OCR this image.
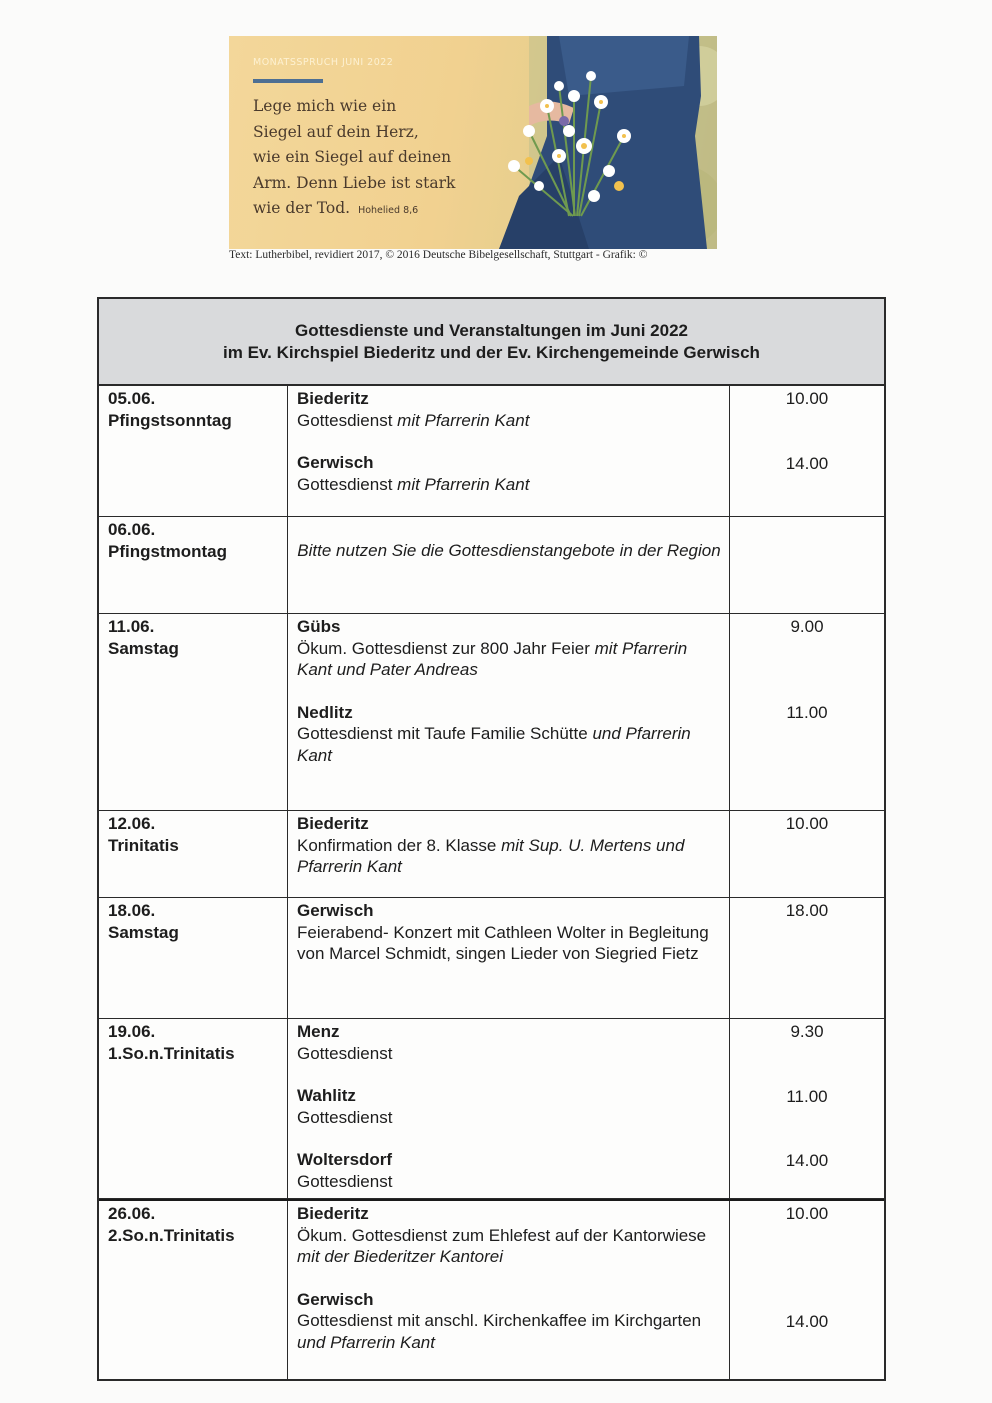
MONATSSPRUCH JUNI 2022
Lege mich wie ein
Siegel auf dein Herz,
wie ein Siegel auf deinen
Arm. Denn Liebe ist stark
wie der Tod. Hohelied 8,6
Text: Lutherbibel, revidiert 2017, © 2016 Deutsche Bibelgesellschaft, Stuttgart - Grafik: ©
Gottesdienste und Veranstaltungen im Juni 2022
im Ev. Kirchspiel Biederitz und der Ev. Kirchengemeinde Gerwisch
05.06.
Pfingstsonntag
Biederitz
Gottesdienst mit Pfarrerin Kant
Gerwisch
Gottesdienst mit Pfarrerin Kant
10.00
14.00
06.06.
Pfingstmontag	Bitte nutzen Sie die Gottesdienstangebote in der Region
11.06.
Samstag
Gübs
Ökum. Gottesdienst zur 800 Jahr Feier mit Pfarrerin Kant und Pater Andreas
Nedlitz
Gottesdienst mit Taufe Familie Schütte und Pfarrerin Kant
9.00
11.00
12.06.
Trinitatis
Biederitz
Konfirmation der 8. Klasse mit Sup. U. Mertens und Pfarrerin Kant
10.00
18.06.
Samstag
Gerwisch
Feierabend- Konzert mit Cathleen Wolter in Begleitung von Marcel Schmidt, singen Lieder von Siegried Fietz
18.00
19.06.
1.So.n.Trinitatis
Menz
Gottesdienst
Wahlitz
Gottesdienst
Woltersdorf
Gottesdienst
9.30
11.00
14.00
26.06.
2.So.n.Trinitatis
Biederitz
Ökum. Gottesdienst zum Ehlefest auf der Kantorwiese mit der Biederitzer Kantorei
Gerwisch
Gottesdienst mit anschl. Kirchenkaffee im Kirchgarten und Pfarrerin Kant
10.00
14.00
